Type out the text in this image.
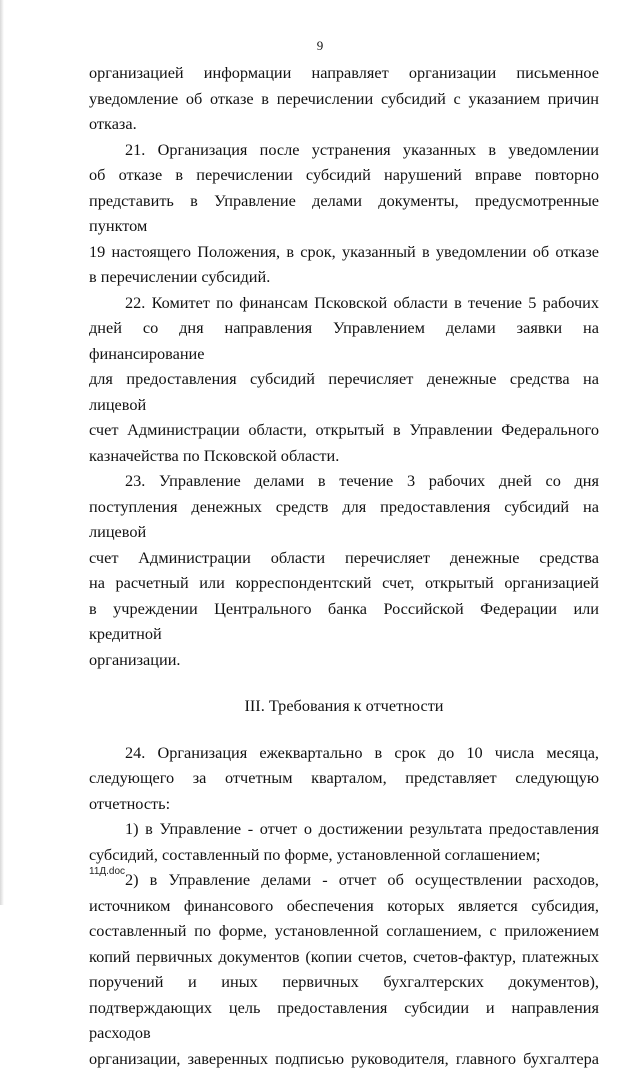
9

организацией информации направляет организации письменное

уведомление об отказе в перечислении субсидий с указанием причин

отказа.

21. Организация после устранения указанных в уведомлении

об отказе в перечислении субсидий нарушений вправе повторно

представить в Управление делами документы, предусмотренные пунктом

19 настоящего Положения, в срок, указанный в уведомлении об отказе

в перечислении субсидий.

22. Комитет по финансам Псковской области в течение 5 рабочих

дней со дня направления Управлением делами заявки на финансирование

для предоставления субсидий перечисляет денежные средства на лицевой

счет Администрации области, открытый в Управлении Федерального

казначейства по Псковской области.

23. Управление делами в течение 3 рабочих дней со дня

поступления денежных средств для предоставления субсидий на лицевой

счет Администрации области перечисляет денежные средства

на расчетный или корреспондентский счет, открытый организацией

в учреждении Центрального банка Российской Федерации или кредитной

организации.

III. Требования к отчетности

24. Организация ежеквартально в срок до 10 числа месяца,

следующего за отчетным кварталом, представляет следующую

отчетность:

1) в Управление - отчет о достижении результата предоставления

субсидий, составленный по форме, установленной соглашением;

2) в Управление делами - отчет об осуществлении расходов,

источником финансового обеспечения которых является субсидия,

составленный по форме, установленной соглашением, с приложением

копий первичных документов (копии счетов, счетов-фактур, платежных

поручений и иных первичных бухгалтерских документов),

подтверждающих цель предоставления субсидии и направления расходов

организации, заверенных подписью руководителя, главного бухгалтера

11Д.doc
